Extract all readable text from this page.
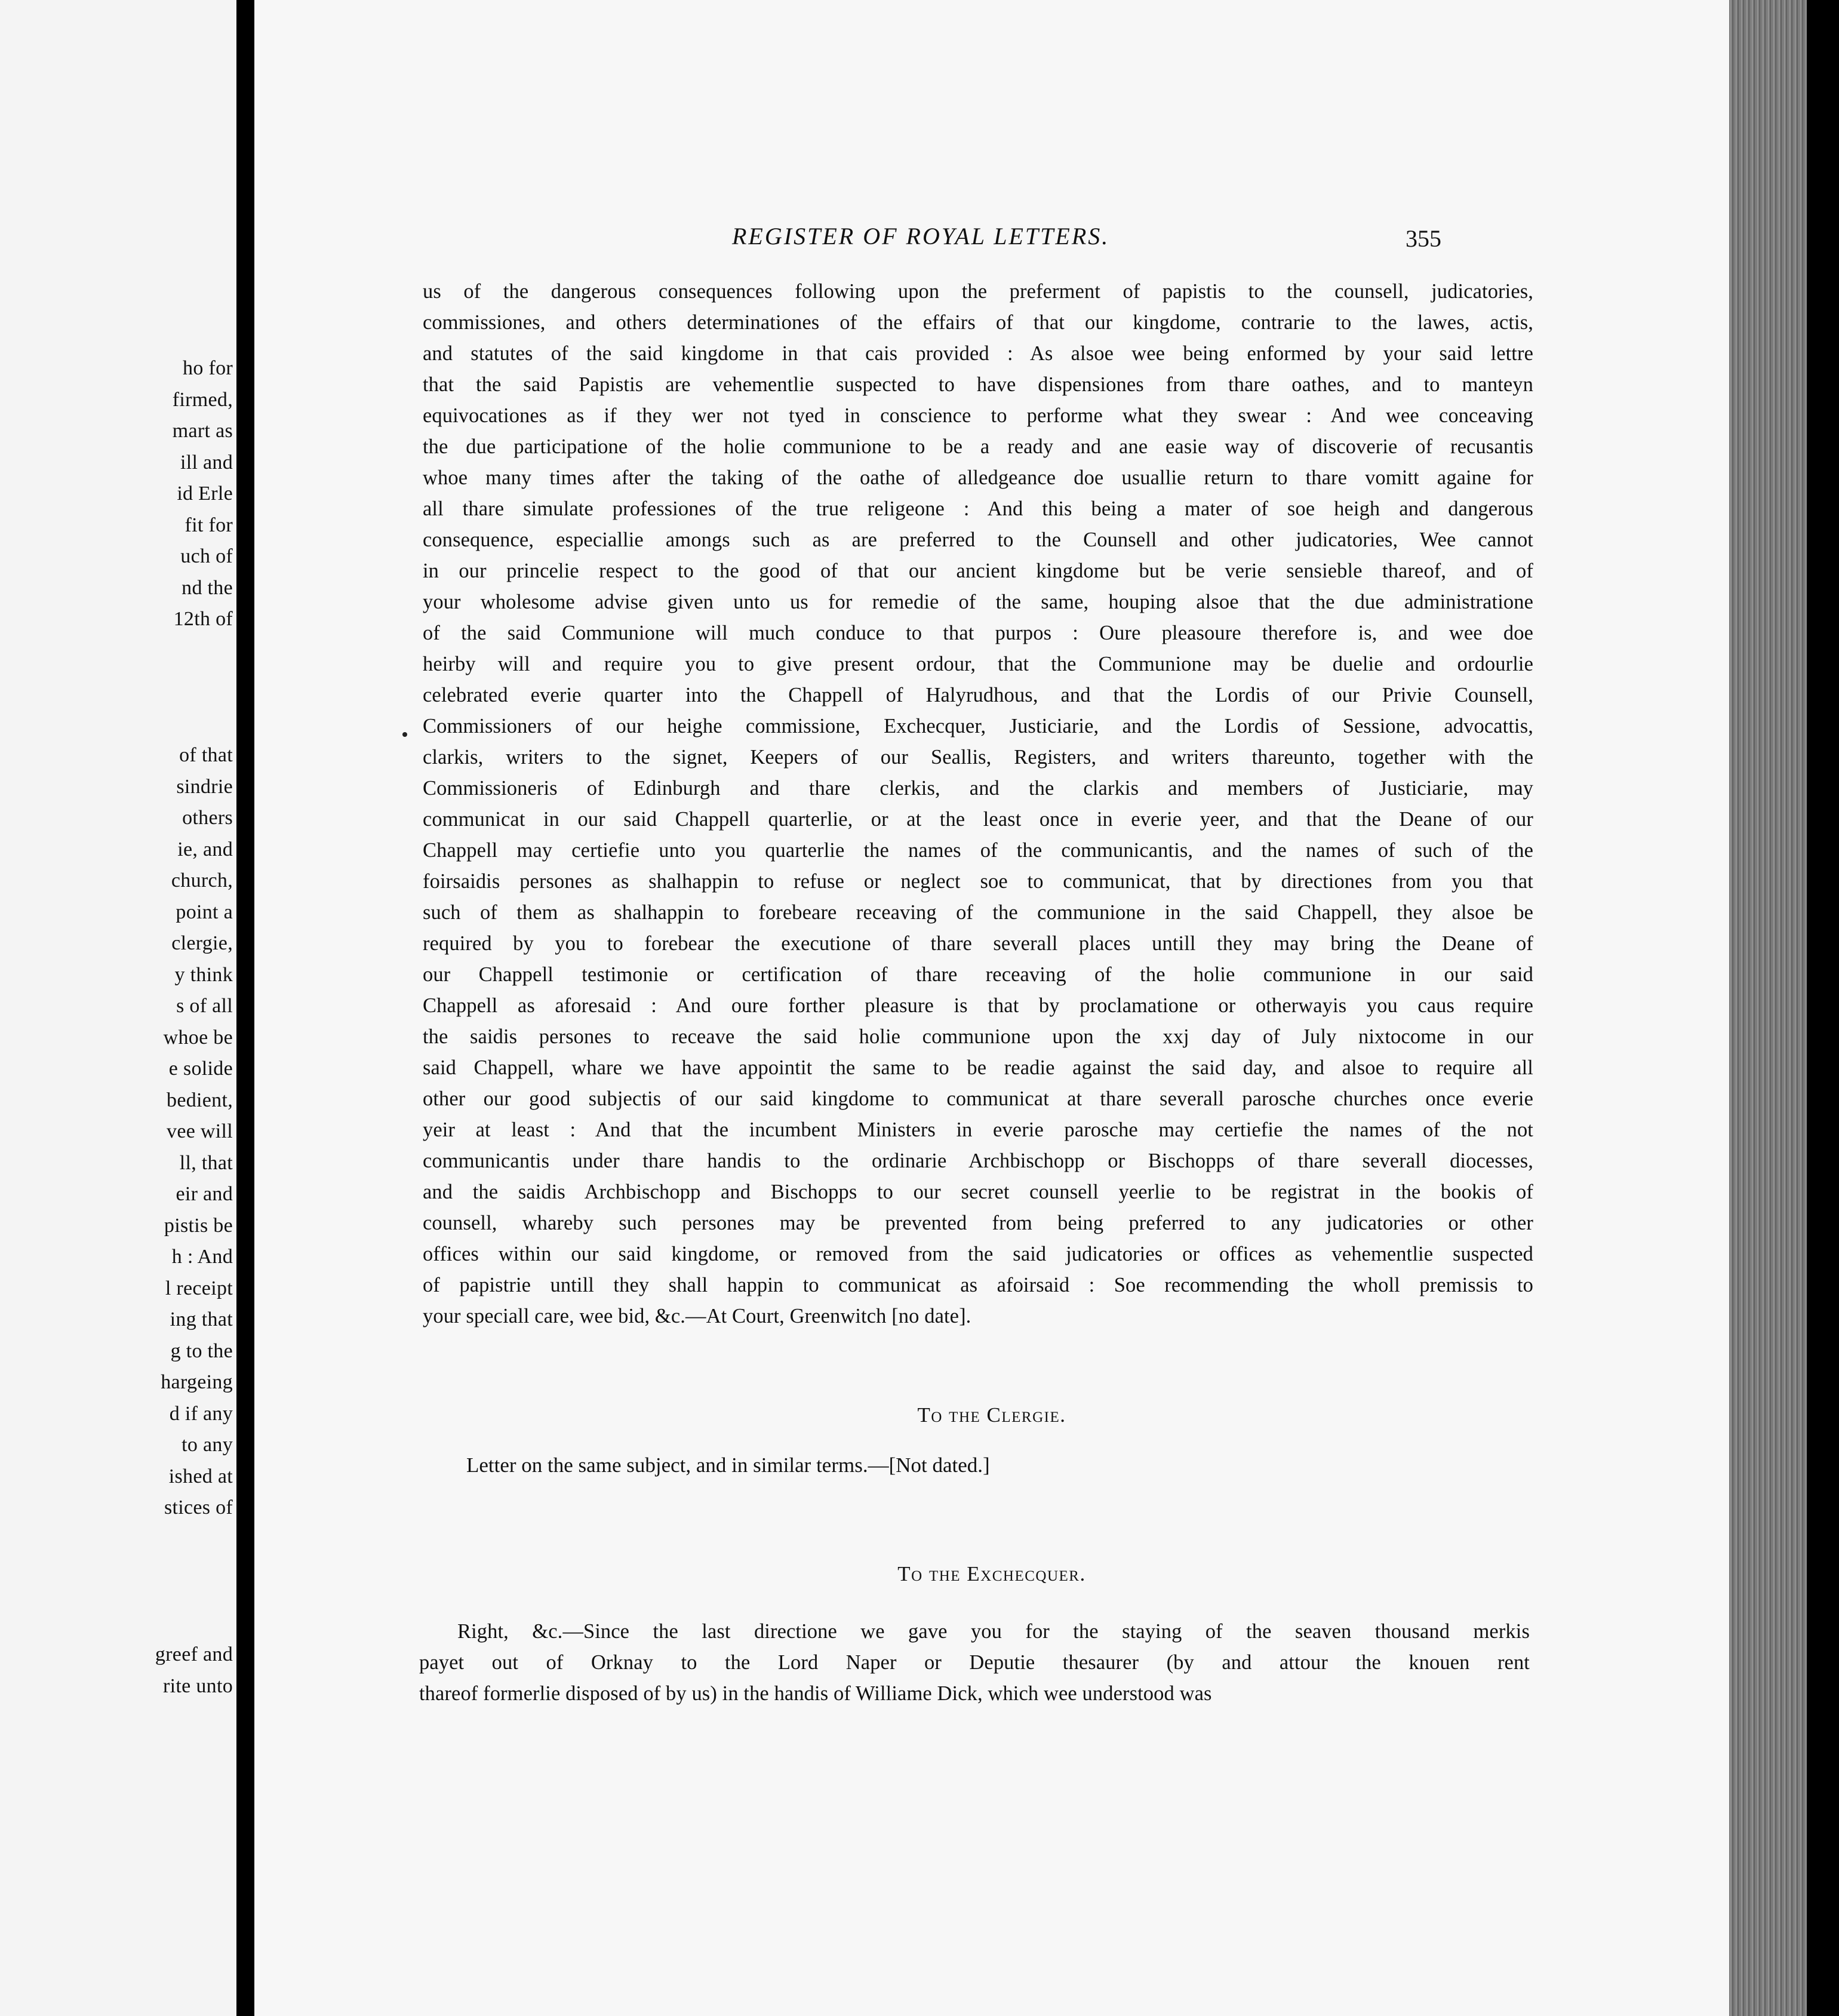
ho for

firmed,

mart as

ill and

id Erle

fit for

uch of

nd the

12th of

of that

sindrie

others

ie, and

church,

point a

clergie,

y think

s of all

whoe be

e solide

bedient,

vee will

ll, that

eir and

pistis be

h : And

l receipt

ing that

g to the

hargeing

d if any

to any

ished at

stices of

greef and

rite unto

REGISTER OF ROYAL LETTERS.	355

us of the dangerous consequences following upon the preferment of papistis to the counsell, judicatories,

commissiones, and others determinationes of the effairs of that our kingdome, contrarie to the lawes, actis,

and statutes of the said kingdome in that cais provided : As alsoe wee being enformed by your said lettre

that the said Papistis are vehementlie suspected to have dispensiones from thare oathes, and to manteyn

equivocationes as if they wer not tyed in conscience to performe what they swear : And wee conceaving

the due participatione of the holie communione to be a ready and ane easie way of discoverie of recusantis

whoe many times after the taking of the oathe of alledgeance doe usuallie return to thare vomitt againe for

all thare simulate professiones of the true religeone : And this being a mater of soe heigh and dangerous

consequence, especiallie amongs such as are preferred to the Counsell and other judicatories, Wee cannot

in our princelie respect to the good of that our ancient kingdome but be verie sensieble thareof, and of

your wholesome advise given unto us for remedie of the same, houping alsoe that the due administratione

of the said Communione will much conduce to that purpos : Oure pleasoure therefore is, and wee doe

heirby will and require you to give present ordour, that the Communione may be duelie and ordourlie

celebrated everie quarter into the Chappell of Halyrudhous, and that the Lordis of our Privie Counsell,

Commissioners of our heighe commissione, Exchecquer, Justiciarie, and the Lordis of Sessione, advocattis,

clarkis, writers to the signet, Keepers of our Seallis, Registers, and writers thareunto, together with the

Commissioneris of Edinburgh and thare clerkis, and the clarkis and members of Justiciarie, may

communicat in our said Chappell quarterlie, or at the least once in everie yeer, and that the Deane of our

Chappell may certiefie unto you quarterlie the names of the communicantis, and the names of such of the

foirsaidis persones as shalhappin to refuse or neglect soe to communicat, that by directiones from you that

such of them as shalhappin to forebeare receaving of the communione in the said Chappell, they alsoe be

required by you to forebear the executione of thare severall places untill they may bring the Deane of

our Chappell testimonie or certification of thare receaving of the holie communione in our said

Chappell as aforesaid : And oure forther pleasure is that by proclamatione or otherwayis you caus require

the saidis persones to receave the said holie communione upon the xxj day of July nixtocome in our

said Chappell, whare we have appointit the same to be readie against the said day, and alsoe to require all

other our good subjectis of our said kingdome to communicat at thare severall parosche churches once everie

yeir at least : And that the incumbent Ministers in everie parosche may certiefie the names of the not

communicantis under thare handis to the ordinarie Archbischopp or Bischopps of thare severall diocesses,

and the saidis Archbischopp and Bischopps to our secret counsell yeerlie to be registrat in the bookis of

counsell, whareby such persones may be prevented from being preferred to any judicatories or other

offices within our said kingdome, or removed from the said judicatories or offices as vehementlie suspected

of papistrie untill they shall happin to communicat as afoirsaid : Soe recommending the wholl premissis to

your speciall care, wee bid, &c.—At Court, Greenwitch [no date].

To the Clergie.

Letter on the same subject, and in similar terms.—[Not dated.]

To the Exchecquer.

Right, &c.—Since the last directione we gave you for the staying of the seaven thousand merkis

payet out of Orknay to the Lord Naper or Deputie thesaurer (by and attour the knouen rent

thareof formerlie disposed of by us) in the handis of Williame Dick, which wee understood was
